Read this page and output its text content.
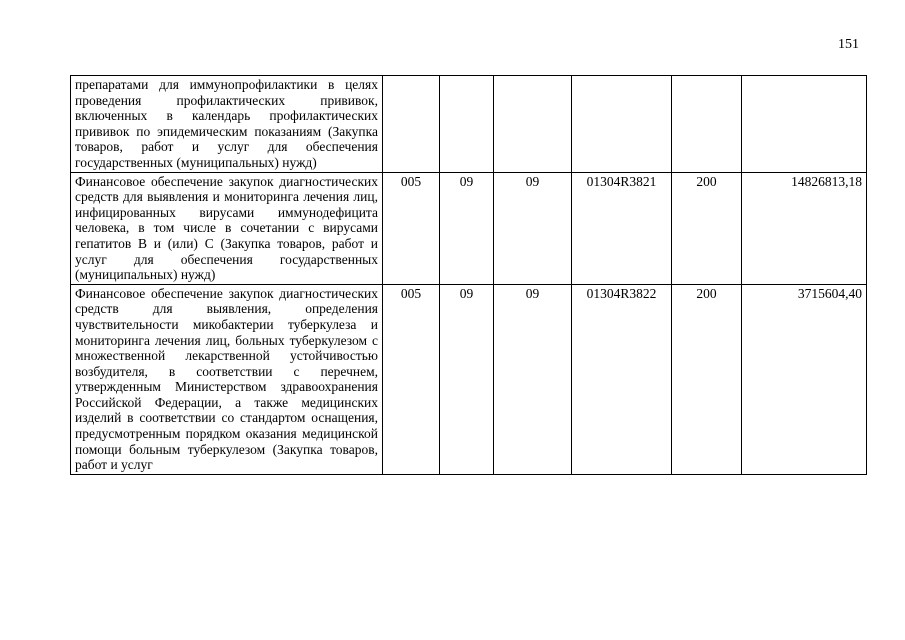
151
препаратами для иммунопрофилактики в целях проведения профилактических прививок, включенных в календарь профилактических прививок по эпидемическим показаниям (Закупка товаров, работ и услуг для обеспечения государственных (муниципальных) нужд)						
Финансовое обеспечение закупок диагностических средств для выявления и мониторинга лечения лиц, инфицированных вирусами иммунодефицита человека, в том числе в сочетании с вирусами гепатитов В и (или) С (Закупка товаров, работ и услуг для обеспечения государственных (муниципальных) нужд)	005	09	09	01304R3821	200	14826813,18
Финансовое обеспечение закупок диагностических средств для выявления, определения чувствительности микобактерии туберкулеза и мониторинга лечения лиц, больных туберкулезом с множественной лекарственной устойчивостью возбудителя, в соответствии с перечнем, утвержденным Министерством здравоохранения Российской Федерации, а также медицинских изделий в соответствии со стандартом оснащения, предусмотренным порядком оказания медицинской помощи больным туберкулезом (Закупка товаров, работ и услуг	005	09	09	01304R3822	200	3715604,40
